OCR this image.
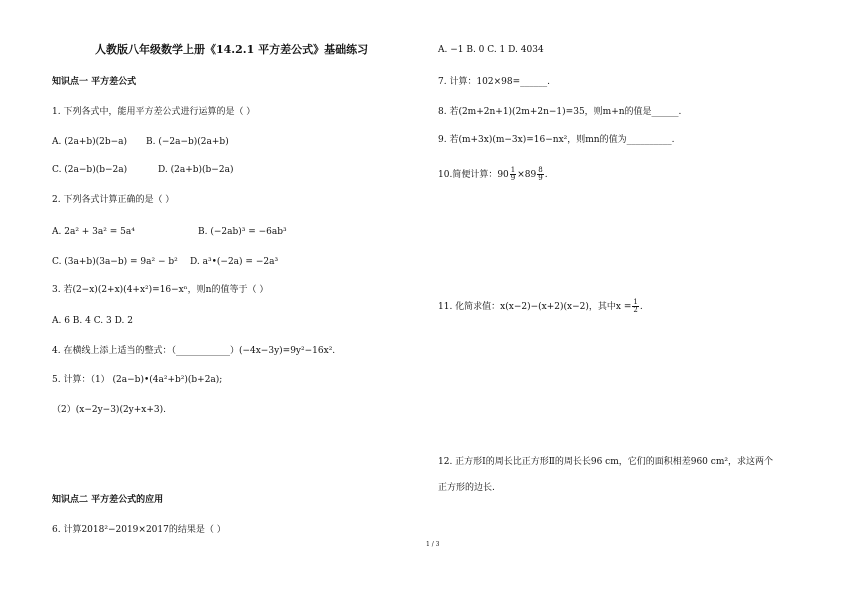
人教版八年级数学上册《14.2.1 平方差公式》基础练习
知识点一 平方差公式
1. 下列各式中，能用平方差公式进行运算的是（ ）
A. (2a+b)(2b−a) B. (−2a−b)(2a+b)
C. (2a−b)(b−2a)	D. (2a+b)(b−2a)
2. 下列各式计算正确的是（ ）
A. 2a² + 3a² = 5a⁴	B. (−2ab)³ = −6ab³
C. (3a+b)(3a−b) = 9a² − b² D. a³•(−2a) = −2a³
3. 若(2−x)(2+x)(4+x²)=16−xⁿ，则n的值等于（ ）
A. 6 B. 4 C. 3 D. 2
4. 在横线上添上适当的整式：（____________）(−4x−3y)=9y²−16x².
5. 计算：（1） (2a−b)•(4a²+b²)(b+2a);
（2）(x−2y−3)(2y+x+3).
知识点二 平方差公式的应用
6. 计算2018²−2019×2017的结果是（ ）
A. −1 B. 0 C. 1 D. 4034
7. 计算：102×98=______.
8. 若(2m+2n+1)(2m+2n−1)=35，则m+n的值是______.
9. 若(m+3x)(m−3x)=16−nx²，则mn的值为__________.
10.简便计算：$90 \frac{1}{9} \times 89 \frac{8}{9}$ .
11. 化简求值：x(x−2)−(x+2)(x−2)，其中$x = \frac{1}{2}$ .
12. 正方形Ⅰ的周长比正方形Ⅱ的周长长96 cm，它们的面积相差960 cm²，求这两个
正方形的边长.
1 / 3
